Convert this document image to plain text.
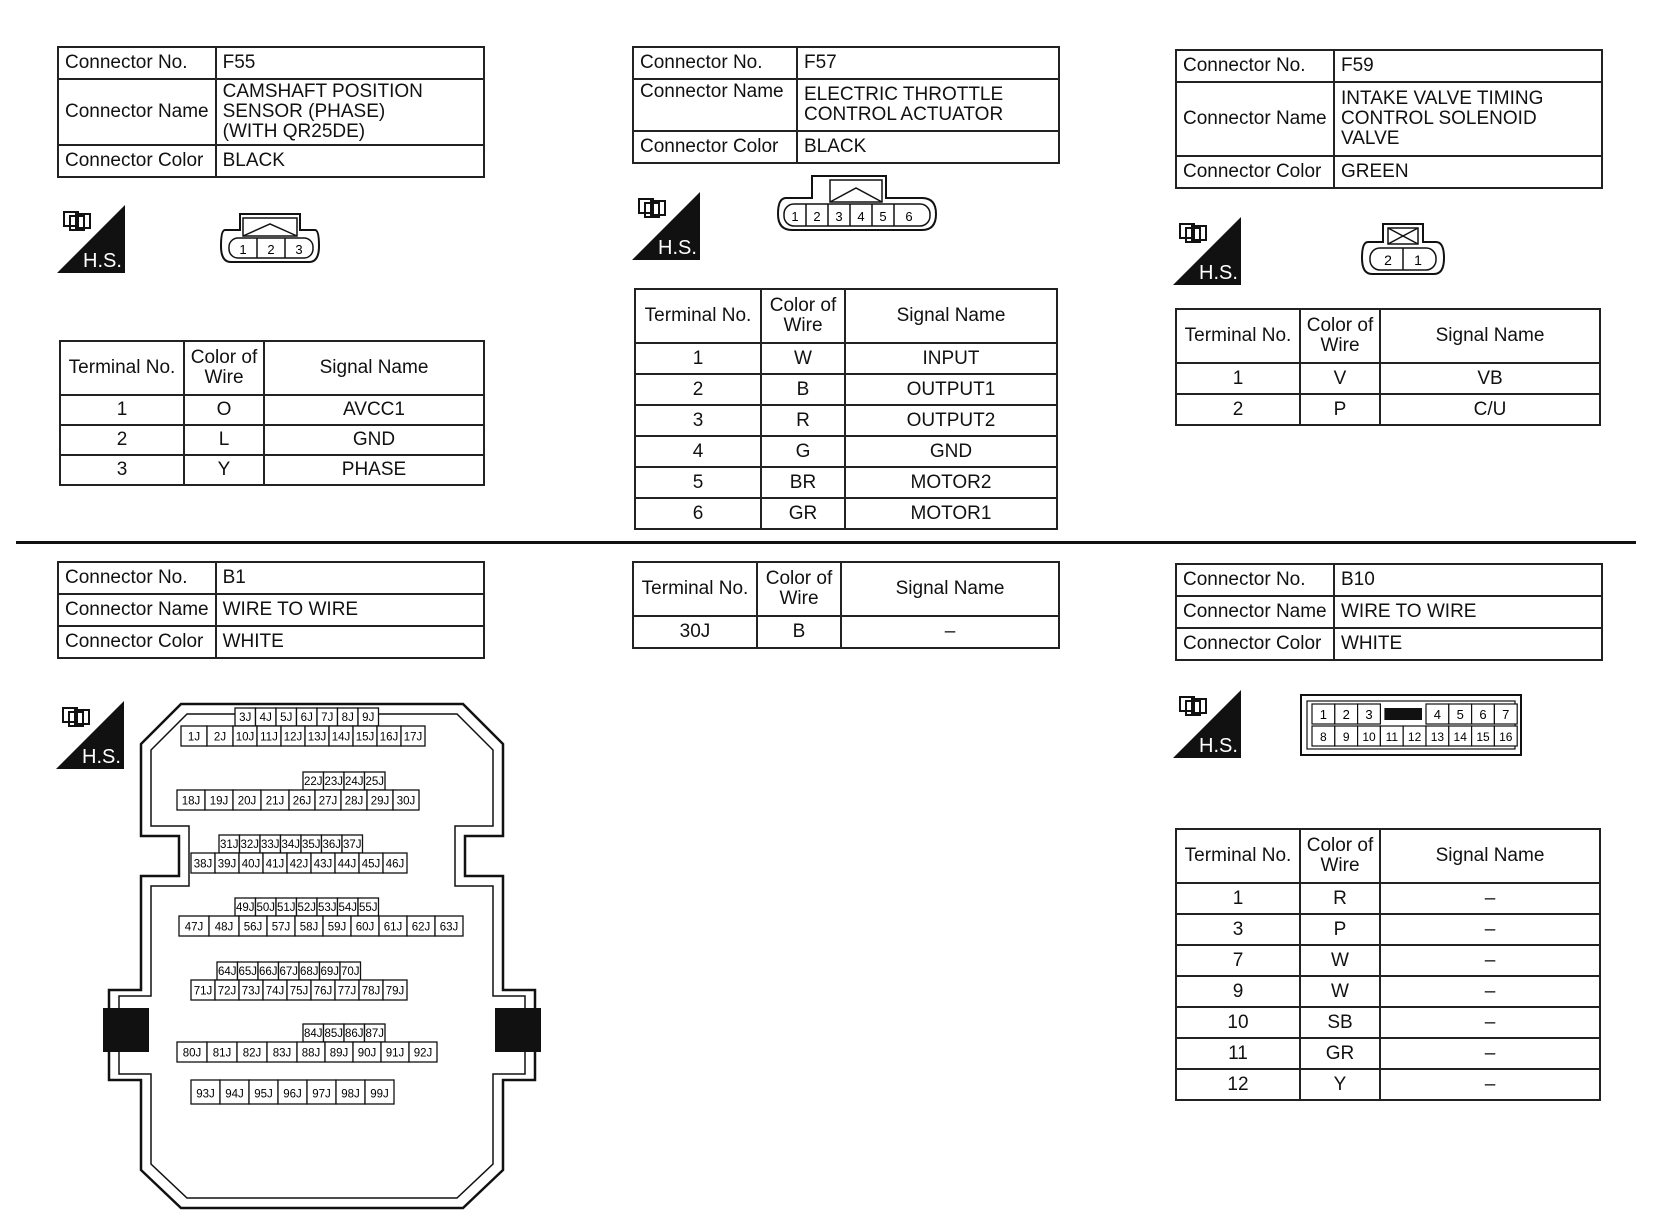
Connector No.	F55
Connector Name	CAMSHAFT POSITION SENSOR (PHASE) (WITH QR25DE)
Connector Color	BLACK
H.S.
1 2 3
Terminal No.	Color of Wire	Signal Name
1	O	AVCC1
2	L	GND
3	Y	PHASE
Connector No.	F57
Connector Name	ELECTRIC THROTTLE CONTROL ACTUATOR
Connector Color	BLACK
H.S.
1 2 3 4 5 6
Terminal No.	Color of Wire	Signal Name
1	W	INPUT
2	B	OUTPUT1
3	R	OUTPUT2
4	G	GND
5	BR	MOTOR2
6	GR	MOTOR1
Connector No.	F59
Connector Name	INTAKE VALVE TIMING CONTROL SOLENOID VALVE
Connector Color	GREEN
H.S.
2 1
Terminal No.	Color of Wire	Signal Name
1	V	VB
2	P	C/U
Connector No.	B1
Connector Name	WIRE TO WIRE
Connector Color	WHITE
H.S.
3J 4J 5J 6J 7J 8J 9J
1J 2J 10J 11J 12J 13J 14J 15J 16J 17J
22J 23J 24J 25J
18J 19J 20J 21J 26J 27J 28J 29J 30J
31J 32J 33J 34J 35J 36J 37J
38J 39J 40J 41J 42J 43J 44J 45J 46J
49J 50J 51J 52J 53J 54J 55J
47J 48J 56J 57J 58J 59J 60J 61J 62J 63J
64J 65J 66J 67J 68J 69J 70J
71J 72J 73J 74J 75J 76J 77J 78J 79J
84J 85J 86J 87J
80J 81J 82J 83J 88J 89J 90J 91J 92J
93J 94J 95J 96J 97J 98J 99J
Terminal No.	Color of Wire	Signal Name
30J	B	–
Connector No.	B10
Connector Name	WIRE TO WIRE
Connector Color	WHITE
H.S.
1 2 3	4 5 6 7
8 9 10 11 12 13 14 15 16
Terminal No.	Color of Wire	Signal Name
1	R	–
3	P	–
7	W	–
9	W	–
10	SB	–
11	GR	–
12	Y	–
